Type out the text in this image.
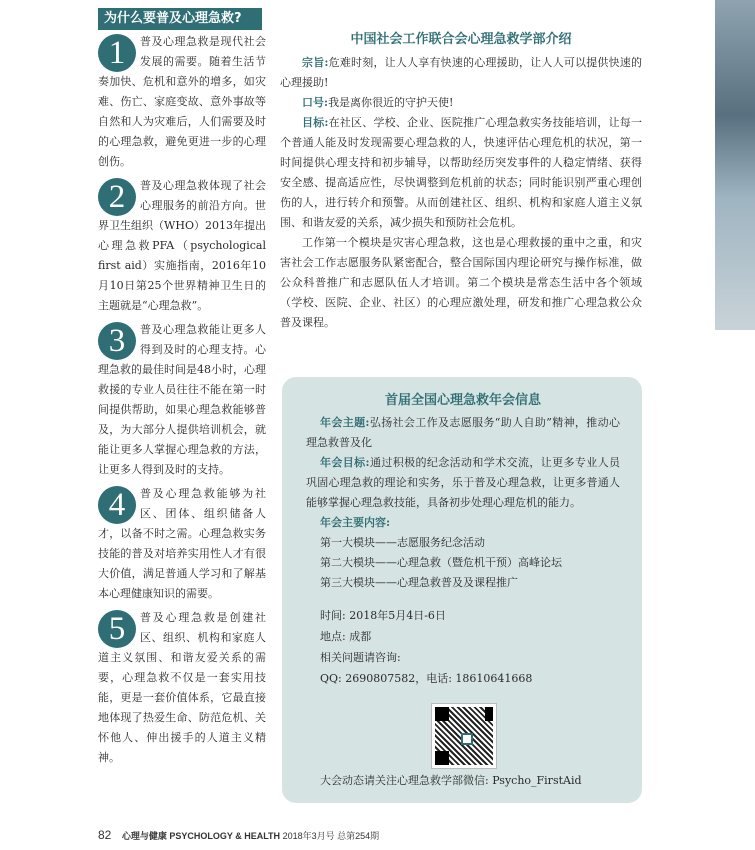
为什么要普及心理急救?
1	普及心理急救是现代社会发展的需要。随着生活节奏加快、危机和意外的增多，如灾难、伤亡、家庭变故、意外事故等自然和人为灾难后，人们需要及时的心理急救，避免更进一步的心理创伤。
2	普及心理急救体现了社会心理服务的前沿方向。世界卫生组织（WHO）2013年提出心理急救PFA（psychological first aid）实施指南，2016年10月10日第25个世界精神卫生日的主题就是“心理急救”。
3	普及心理急救能让更多人得到及时的心理支持。心理急救的最佳时间是48小时，心理救援的专业人员往往不能在第一时间提供帮助，如果心理急救能够普及，为大部分人提供培训机会，就能让更多人掌握心理急救的方法，让更多人得到及时的支持。
4	普及心理急救能够为社区、团体、组织储备人才，以备不时之需。心理急救实务技能的普及对培养实用性人才有很大价值，满足普通人学习和了解基本心理健康知识的需要。
5	普及心理急救是创建社区、组织、机构和家庭人道主义氛围、和谐友爱关系的需要，心理急救不仅是一套实用技能，更是一套价值体系，它最直接地体现了热爱生命、防范危机、关怀他人、伸出援手的人道主义精神。
中国社会工作联合会心理急救学部介绍

宗旨:危难时刻，让人人享有快速的心理援助，让人人可以提供快速的心理援助!

口号:我是离你很近的守护天使!

目标:在社区、学校、企业、医院推广心理急救实务技能培训，让每一个普通人能及时发现需要心理急救的人，快速评估心理危机的状况，第一时间提供心理支持和初步辅导，以帮助经历突发事件的人稳定情绪、获得安全感、提高适应性，尽快调整到危机前的状态；同时能识别严重心理创伤的人，进行转介和预警。从而创建社区、组织、机构和家庭人道主义氛围、和谐友爱的关系，减少损失和预防社会危机。

工作第一个模块是灾害心理急救，这也是心理救援的重中之重，和灾害社会工作志愿服务队紧密配合，整合国际国内理论研究与操作标准，做公众科普推广和志愿队伍人才培训。第二个模块是常态生活中各个领域（学校、医院、企业、社区）的心理应激处理，研发和推广心理急救公众普及课程。

首届全国心理急救年会信息

年会主题:弘扬社会工作及志愿服务“助人自助”精神，推动心理急救普及化

年会目标:通过积极的纪念活动和学术交流，让更多专业人员巩固心理急救的理论和实务，乐于普及心理急救，让更多普通人能够掌握心理急救技能，具备初步处理心理危机的能力。

年会主要内容:

第一大模块——志愿服务纪念活动

第二大模块——心理急救（暨危机干预）高峰论坛

第三大模块——心理急救普及及课程推广

时间: 2018年5月4日-6日
地点: 成都
相关问题请咨询:
QQ: 2690807582，电话: 18610641668
大会动态请关注心理急救学部微信: Psycho_FirstAid
82 心理与健康 PSYCHOLOGY & HEALTH 2018年3月号 总第254期
